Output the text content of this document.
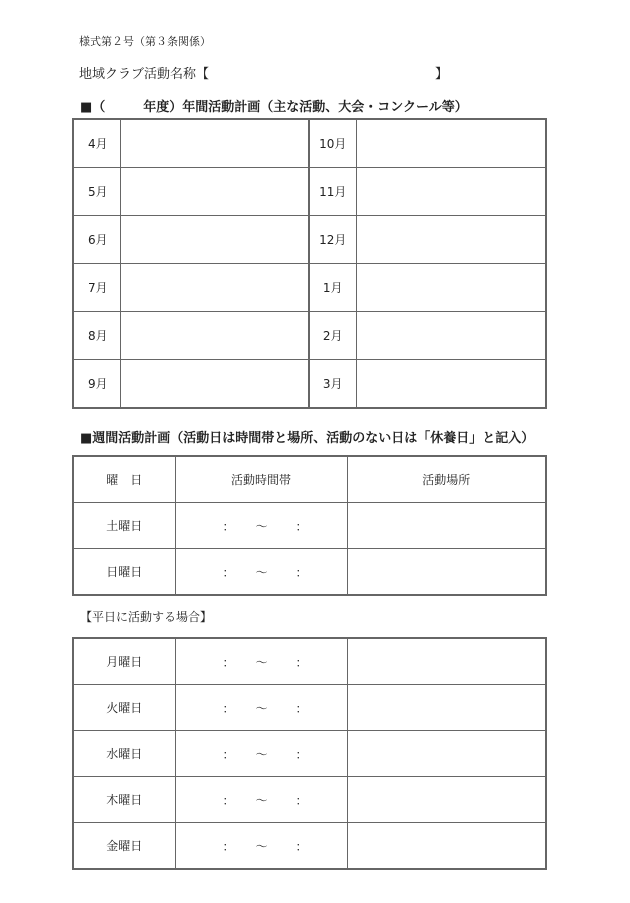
様式第２号（第３条関係）
地域クラブ活動名称【	】
■（	年度）年間活動計画（主な活動、大会・コンクール等）
4月		10月	
5月		11月	
6月		12月	
7月		1月	
8月		2月	
9月		3月	
■週間活動計画（活動日は時間帯と場所、活動のない日は「休養日」と記入）
曜　日	活動時間帯	活動場所
土曜日	： 〜 ：	

日曜日	： 〜 ：	

【平日に活動する場合】
月曜日	： 〜 ：	

火曜日	： 〜 ：	

水曜日	： 〜 ：	

木曜日	： 〜 ：	

金曜日	： 〜 ：	
